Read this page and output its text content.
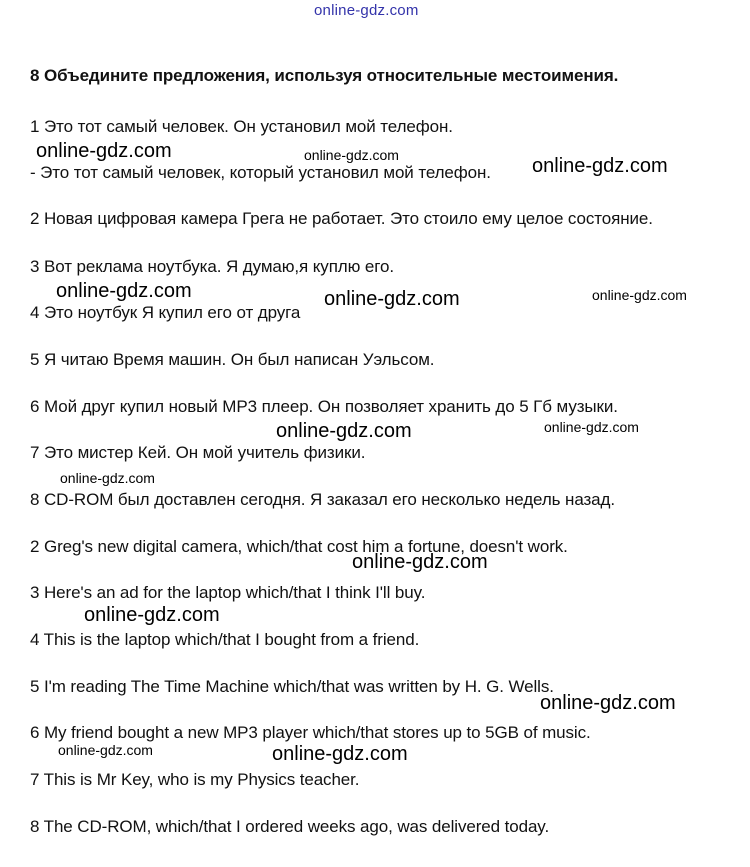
online-gdz.com
8 Объедините предложения, используя относительные местоимения.
1 Это тот самый человек. Он установил мой телефон.
- Это тот самый человек, который установил мой телефон.
2 Новая цифровая камера Грега не работает. Это стоило ему целое состояние.
3 Вот реклама ноутбука. Я думаю,я куплю его.
4 Это ноутбук Я купил его от друга
5 Я читаю Время машин. Он был написан Уэльсом.
6 Мой друг купил новый MP3 плеер. Он позволяет хранить до 5 Гб музыки.
7 Это мистер Кей. Он мой учитель физики.
8 CD-ROM был доставлен сегодня. Я заказал его несколько недель назад.
2 Greg's new digital camera, which/that cost him a fortune, doesn't work.
3 Here's an ad for the laptop which/that I think I'll buy.
4 This is the laptop which/that I bought from a friend.
5 I'm reading The Time Machine which/that was written by H. G. Wells.
6 My friend bought a new MP3 player which/that stores up to 5GB of music.
7 This is Mr Key, who is my Physics teacher.
8 The CD-ROM, which/that I ordered weeks ago, was delivered today.
online-gdz.com	online-gdz.com	online-gdz.com
online-gdz.com	online-gdz.com	online-gdz.com
online-gdz.com	online-gdz.com
online-gdz.com
online-gdz.com
online-gdz.com
online-gdz.com
online-gdz.com	online-gdz.com
